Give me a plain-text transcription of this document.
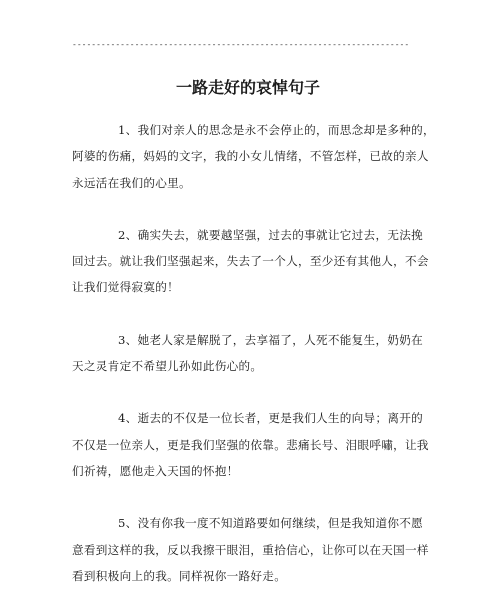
----------------------------------------------------------------------
一路走好的哀悼句子

1、我们对亲人的思念是永不会停止的，而思念却是多种的，
阿婆的伤痛，妈妈的文字，我的小女儿情绪，不管怎样，已故的亲人
永远活在我们的心里。

2、确实失去，就要越坚强，过去的事就让它过去，无法挽
回过去。就让我们坚强起来，失去了一个人，至少还有其他人，不会
让我们觉得寂寞的！

3、她老人家是解脱了，去享福了，人死不能复生，奶奶在
天之灵肯定不希望儿孙如此伤心的。

4、逝去的不仅是一位长者，更是我们人生的向导；离开的
不仅是一位亲人，更是我们坚强的依靠。悲痛长号、泪眼呼嘯，让我
们祈祷，愿他走入天国的怀抱！

5、没有你我一度不知道路要如何继续，但是我知道你不愿
意看到这样的我，反以我擦干眼泪，重拾信心，让你可以在天国一样
看到积极向上的我。同样祝你一路好走。
